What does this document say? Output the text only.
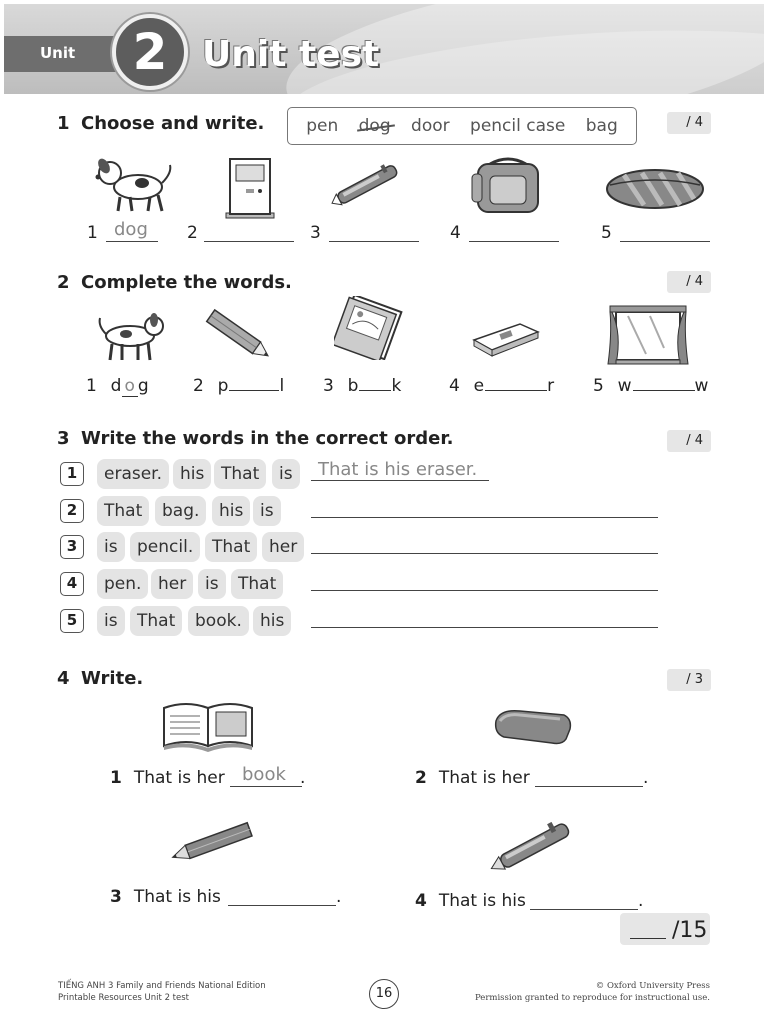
Unit	2 Unit test
1 Choose and write. pen dog door pencil case bag	/ 4
1 dog 2	3	4	5
2 Complete the words.	/ 4
1 d o g	2 p	l 3 b k	4 e	r 5 w	w
3 Write the words in the correct order.	/ 4
1	eraser.	his That	is	That is his eraser.
2	That	bag.	his is
3	is	pencil.	That	her
4	pen. her	is	That
5	is	That	book.	his
4 Write.	/ 3
1 That is her book .	2 That is her	.
3 That is his	.	4 That is his	.
/15
TIẾNG ANH 3 Family and Friends National Edition
Printable Resources Unit 2 test	16	© Oxford University Press
Permission granted to reproduce for instructional use.
